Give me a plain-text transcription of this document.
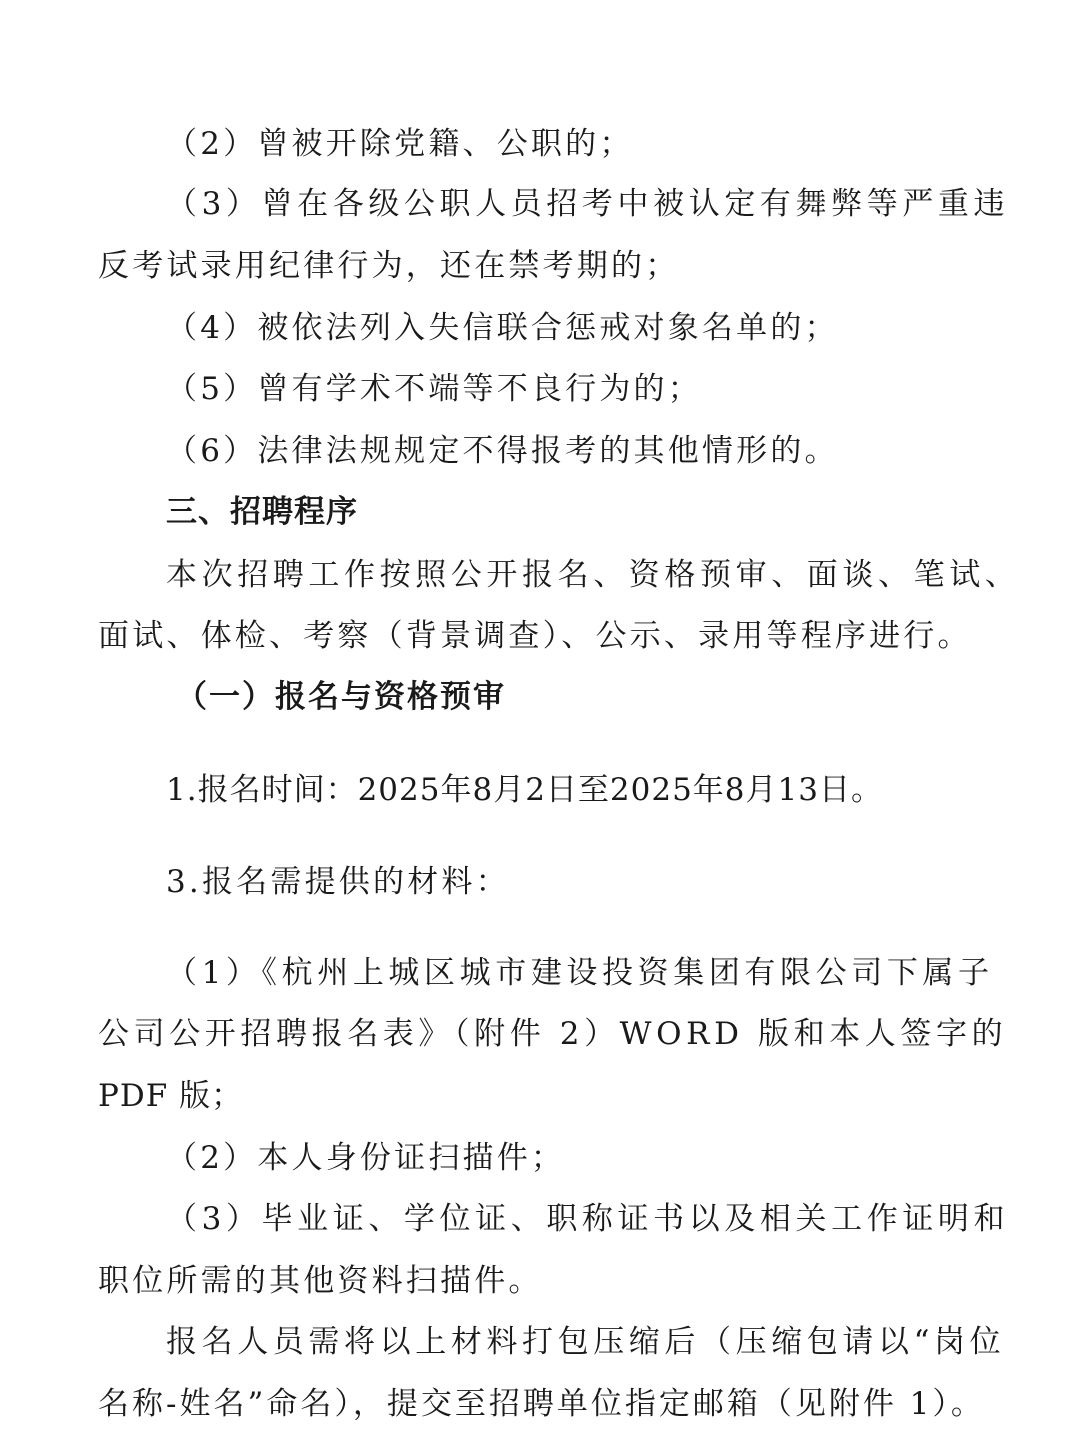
（2）曾被开除党籍、公职的；
（3）曾在各级公职人员招考中被认定有舞弊等严重违
反考试录用纪律行为，还在禁考期的；
（4）被依法列入失信联合惩戒对象名单的；
（5）曾有学术不端等不良行为的；
（6）法律法规规定不得报考的其他情形的。
三、招聘程序
本次招聘工作按照公开报名、资格预审、面谈、笔试、
面试、体检、考察（背景调查）、公示、录用等程序进行。
（一）报名与资格预审
1.报名时间：2025年8月2日至2025年8月13日。
3.报名需提供的材料：
（1）《杭州上城区城市建设投资集团有限公司下属子
公司公开招聘报名表》（附件 2）WORD 版和本人签字的
PDF 版；
（2）本人身份证扫描件；
（3）毕业证、学位证、职称证书以及相关工作证明和
职位所需的其他资料扫描件。
报名人员需将以上材料打包压缩后（压缩包请以“岗位
名称-姓名”命名），提交至招聘单位指定邮箱（见附件 1）。
